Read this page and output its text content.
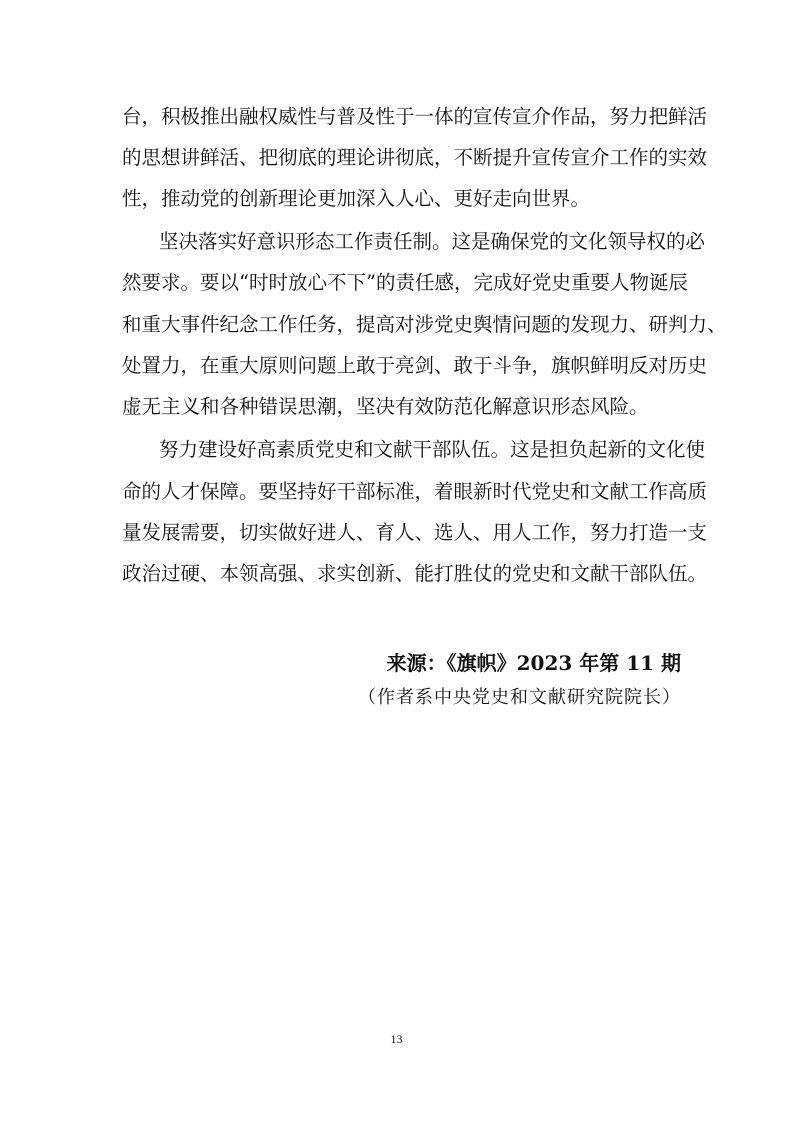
台，积极推出融权威性与普及性于一体的宣传宣介作品，努力把鲜活
的思想讲鲜活、把彻底的理论讲彻底，不断提升宣传宣介工作的实效
性，推动党的创新理论更加深入人心、更好走向世界。
坚决落实好意识形态工作责任制。这是确保党的文化领导权的必
然要求。要以“时时放心不下”的责任感，完成好党史重要人物诞辰
和重大事件纪念工作任务，提高对涉党史舆情问题的发现力、研判力、
处置力，在重大原则问题上敢于亮剑、敢于斗争，旗帜鲜明反对历史
虚无主义和各种错误思潮，坚决有效防范化解意识形态风险。
努力建设好高素质党史和文献干部队伍。这是担负起新的文化使
命的人才保障。要坚持好干部标准，着眼新时代党史和文献工作高质
量发展需要，切实做好进人、育人、选人、用人工作，努力打造一支
政治过硬、本领高强、求实创新、能打胜仗的党史和文献干部队伍。
来源：《旗帜》2023 年第 11 期
（作者系中央党史和文献研究院院长）
13
